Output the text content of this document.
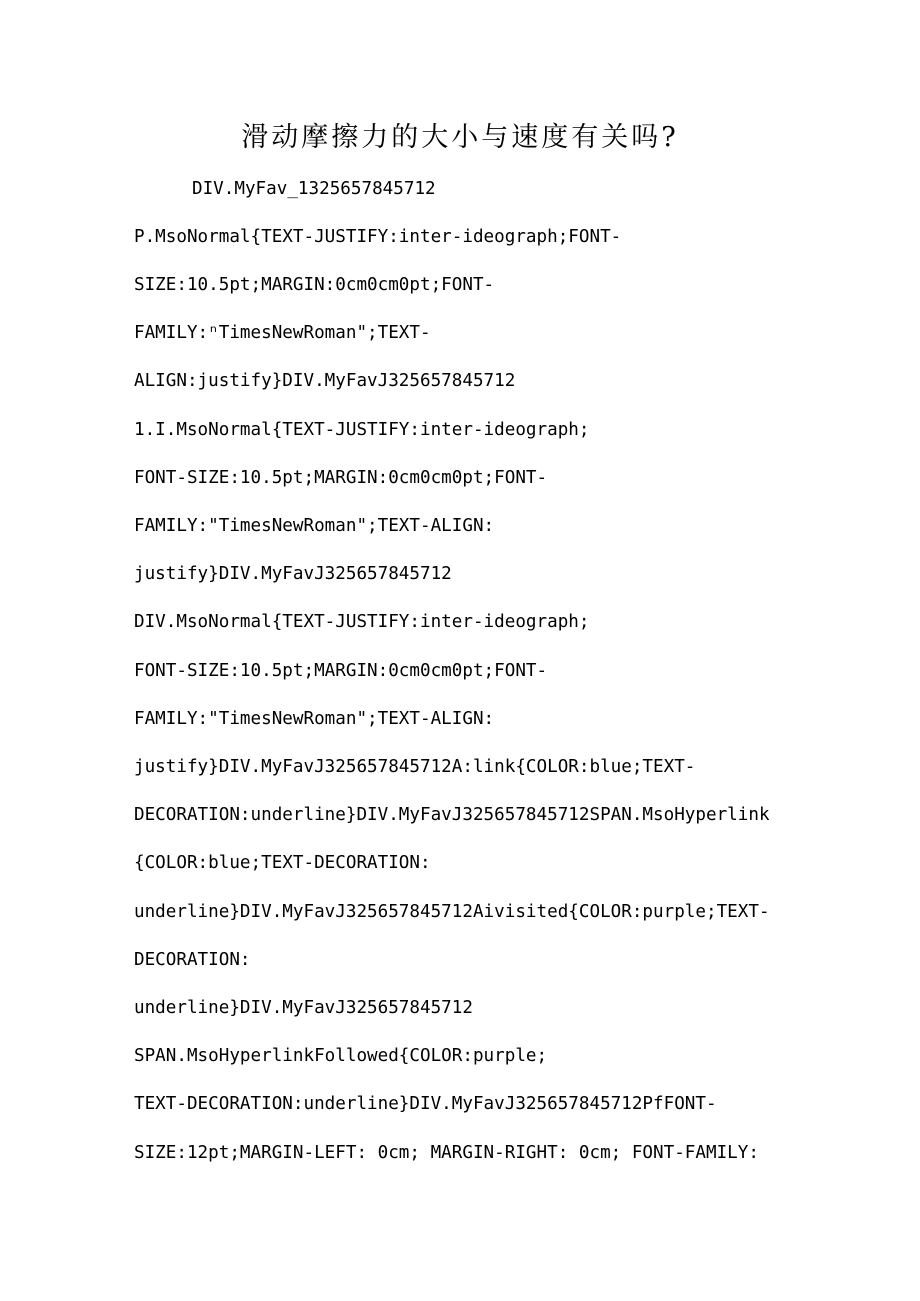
滑动摩擦力的大小与速度有关吗?
DIV.MyFav_1325657845712
P.MsoNormal{TEXT-JUSTIFY:inter-ideograph;FONT-
SIZE:10.5pt;MARGIN:0cm0cm0pt;FONT-
FAMILY:ⁿTimesNewRoman";TEXT-
ALIGN:justify}DIV.MyFavJ325657845712
1.I.MsoNormal{TEXT-JUSTIFY:inter-ideograph;
FONT-SIZE:10.5pt;MARGIN:0cm0cm0pt;FONT-
FAMILY:"TimesNewRoman";TEXT-ALIGN:
justify}DIV.MyFavJ325657845712
DIV.MsoNormal{TEXT-JUSTIFY:inter-ideograph;
FONT-SIZE:10.5pt;MARGIN:0cm0cm0pt;FONT-
FAMILY:"TimesNewRoman";TEXT-ALIGN:
justify}DIV.MyFavJ325657845712A:link{COLOR:blue;TEXT-
DECORATION:underline}DIV.MyFavJ325657845712SPAN.MsoHyperlink
{COLOR:blue;TEXT-DECORATION:
underline}DIV.MyFavJ325657845712Aivisited{COLOR:purple;TEXT-
DECORATION:
underline}DIV.MyFavJ325657845712
SPAN.MsoHyperlinkFollowed{COLOR:purple;
TEXT-DECORATION:underline}DIV.MyFavJ325657845712PfFONT-
SIZE:12pt;MARGIN-LEFT: 0cm; MARGIN-RIGHT: 0cm; FONT-FAMILY:
